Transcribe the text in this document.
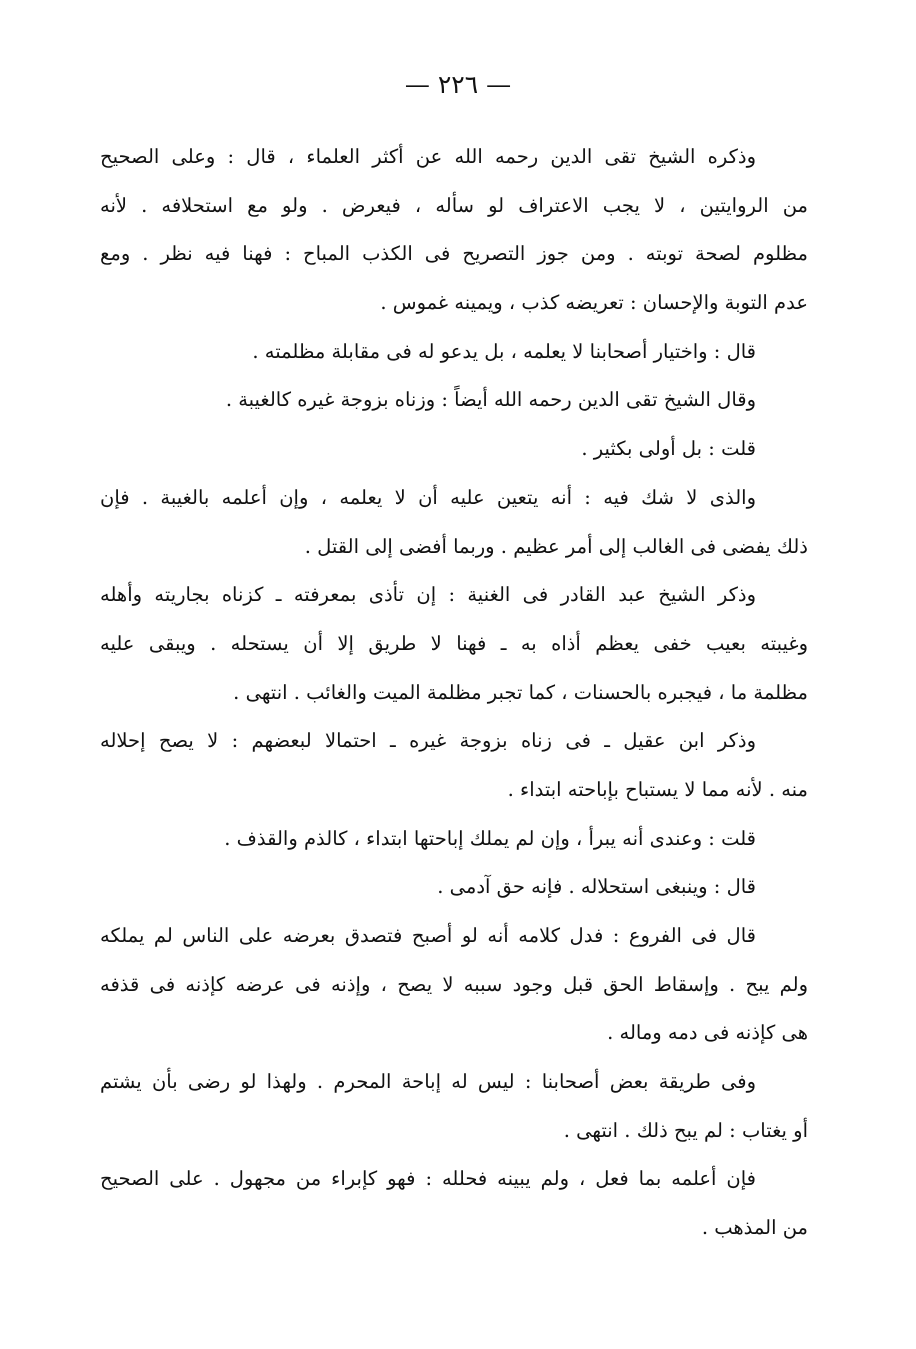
— ٢٢٦ —
وذكره الشيخ تقى الدين رحمه الله عن أكثر العلماء ، قال : وعلى الصحيح
من الروايتين ، لا يجب الاعتراف لو سأله ، فيعرض . ولو مع استحلافه . لأنه
مظلوم لصحة توبته . ومن جوز التصريح فى الكذب المباح : فهنا فيه نظر . ومع
عدم التوبة والإحسان : تعريضه كذب ، ويمينه غموس .
قال : واختيار أصحابنا لا يعلمه ، بل يدعو له فى مقابلة مظلمته .
وقال الشيخ تقى الدين رحمه الله أيضاً : وزناه بزوجة غيره كالغيبة .
قلت : بل أولى بكثير .
والذى لا شك فيه : أنه يتعين عليه أن لا يعلمه ، وإن أعلمه بالغيبة . فإن
ذلك يفضى فى الغالب إلى أمر عظيم . وربما أفضى إلى القتل .
وذكر الشيخ عبد القادر فى الغنية : إن تأذى بمعرفته ـ كزناه بجاريته وأهله
وغيبته بعيب خفى يعظم أذاه به ـ فهنا لا طريق إلا أن يستحله . ويبقى عليه
مظلمة ما ، فيجبره بالحسنات ، كما تجبر مظلمة الميت والغائب . انتهى .
وذكر ابن عقيل ـ فى زناه بزوجة غيره ـ احتمالا لبعضهم : لا يصح إحلاله
منه . لأنه مما لا يستباح بإباحته ابتداء .
قلت : وعندى أنه يبرأ ، وإن لم يملك إباحتها ابتداء ، كالذم والقذف .
قال : وينبغى استحلاله . فإنه حق آدمى .
قال فى الفروع : فدل كلامه أنه لو أصبح فتصدق بعرضه على الناس لم يملكه
ولم يبح . وإسقاط الحق قبل وجود سببه لا يصح ، وإذنه فى عرضه كإذنه فى قذفه
هى كإذنه فى دمه وماله .
وفى طريقة بعض أصحابنا : ليس له إباحة المحرم . ولهذا لو رضى بأن يشتم
أو يغتاب : لم يبح ذلك . انتهى .
فإن أعلمه بما فعل ، ولم يبينه فحلله : فهو كإبراء من مجهول . على الصحيح
من المذهب .
